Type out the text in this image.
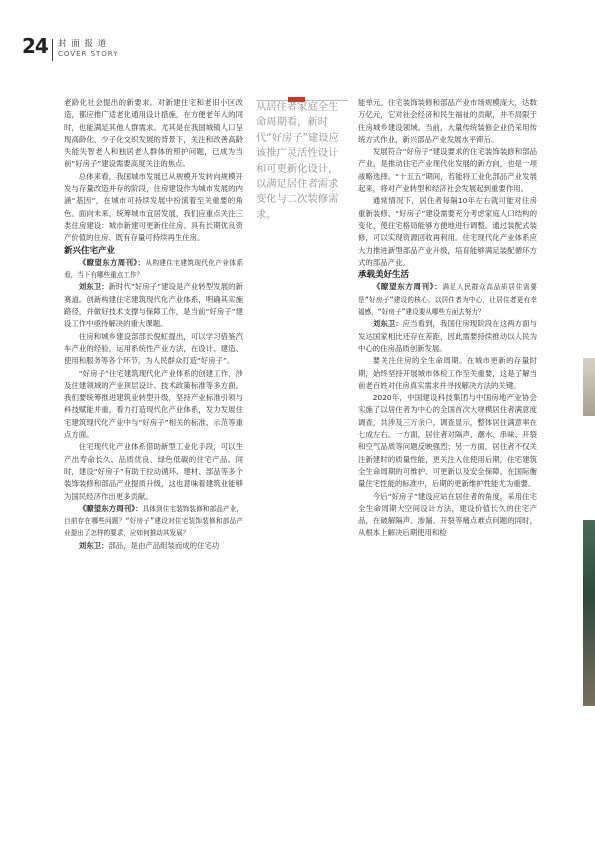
24 封 面 报 道
COVER STORY

老龄化社会提出的新要求。对新建住宅和老旧小区改造，都应推广适老化通用设计措施，在方便老年人的同时，也能满足其他人群需求。尤其是在我国城镇人口呈现高龄化、少子化交织发展的背景下，关注和改善高龄失能失智老人和独居老人群体的照护问题，已成为当前“好房子”建设需要高度关注的焦点。

总体来看，我国城市发展已从规模开发转向规模开发与存量改造并存的阶段，住房建设作为城市发展的内涵“基因”，在城市可持续发展中扮演着至关重要的角色。面向未来，统筹城市宜居发展，我们应重点关注三类住房建设：城市新建可更新住住房、具有长期优良资产价值的住房、既有存量可持续再生住房。

新兴住宅产业

《瞭望东方周刊》：从构建住宅建筑现代化产业体系看，当下有哪些重点工作？

刘东卫：新时代“好房子”建设是产业转型发展的新赛道。创新构建住宅建筑现代化产业体系，明确其实施路径，并做好技术支撑与保障工作，是当前“好房子”建设工作中亟待解决的重大课题。

住房和城乡建设部部长倪虹提出，可以学习借鉴汽车产业的经验，运用系统性产业方法，在设计、建造、使用和服务等各个环节，为人民群众打造“好房子”。

“好房子”住宅建筑现代化产业体系的创建工作，涉及住建领域的产业顶层设计、技术政策标准等多方面。我们要统筹推进建筑业转型升级，坚持产业标准引领与科技赋能并重，着力打造现代化产业体系，发力发展住宅建筑现代化产业中与“好房子”相关的标准、示范等重点方面。

住宅现代化产业体系借助新型工业化手段，可以生产出寿命长久、品质优良、绿色低碳的住宅产品。同时，建设“好房子”有助于拉动循环、建材、部品等多个装饰装修和部品产业提质升级，这也意味着建筑业能够为国民经济作出更多贡献。

《瞭望东方周刊》：具体到住宅装饰装修和部品产业，目前存在哪些问题？“好房子”建设对住宅装饰装修和部品产业提出了怎样的要求，应如何推动其发展？

刘东卫：部品，是由产品组装而成的住宅功

从居住者家庭全生命周期看，新时代“好房子”建设应该推广灵活性设计和可更新化设计，以满足居住者需求变化与二次装修需求。

能单元。住宅装饰装修和部品产业市场规模庞大，达数万亿元，它对社会经济和民生福祉的贡献，并不局限于住房城乡建设领域。当前，大量传统装修企业仍采用传统方式作业，新兴部品产业发展水平滞后。

发展符合“好房子”建设要求的住宅装饰装修和部品产业，是推动住宅产业现代化发展的新方向，也是一项战略选择。“十五五”期间，若能将工业化部品产业发展起来，将对产业转型和经济社会发展起到重要作用。

通常情况下，居住者每隔10年左右就可能对住房重新装修。“好房子”建设需要充分考虑家庭人口结构的变化，使住宅格局能够方便地进行调整。通过装配式装修，可以实现资源回收再利用。住宅现代化产业体系应大力推进新型部品产业升级，培育能够满足装配循环方式的部品产业。

承载美好生活

《瞭望东方周刊》：满足人民群众高品质居住需要是“好房子”建设的核心，以居住者为中心，让居住者更有幸福感，“好房子”建设要从哪些方面去努力？

刘东卫：应当看到，我国住房现阶段在这两方面与发达国家相比还存在差距，因此需要持续推动以人民为中心的住房品质创新发展。

要关注住房的全生命周期。在城市更新的存量时期，始终坚持开展城市体检工作至关重要，这是了解当前老百姓对住房真实需求并寻找解决方法的关键。

2020年，中国建设科技集团与中国房地产业协会实施了以居住者为中心的全国首次大规模居住者满意度调查，共涉及三万余户。调查显示，整体居住满意率在七成左右。一方面，居住者对隔声、潮水、串味、开裂和空气品质等问题反映强烈；另一方面，居住者不仅关注新建时的质量性能，更关注入住使用后期，住宅建筑全生命周期的可维护、可更新以及安全保障。在国际衡量住宅性能的标准中，后期的更新维护性能尤为重要。

今后“好房子”建设应站在居住者的角度，采用住宅全生命周期大空间设计方法，建设价值长久的住宅产品，在破解隔声、渗漏、开裂等痛点难点问题的同时，从根本上解决后期使用和检
